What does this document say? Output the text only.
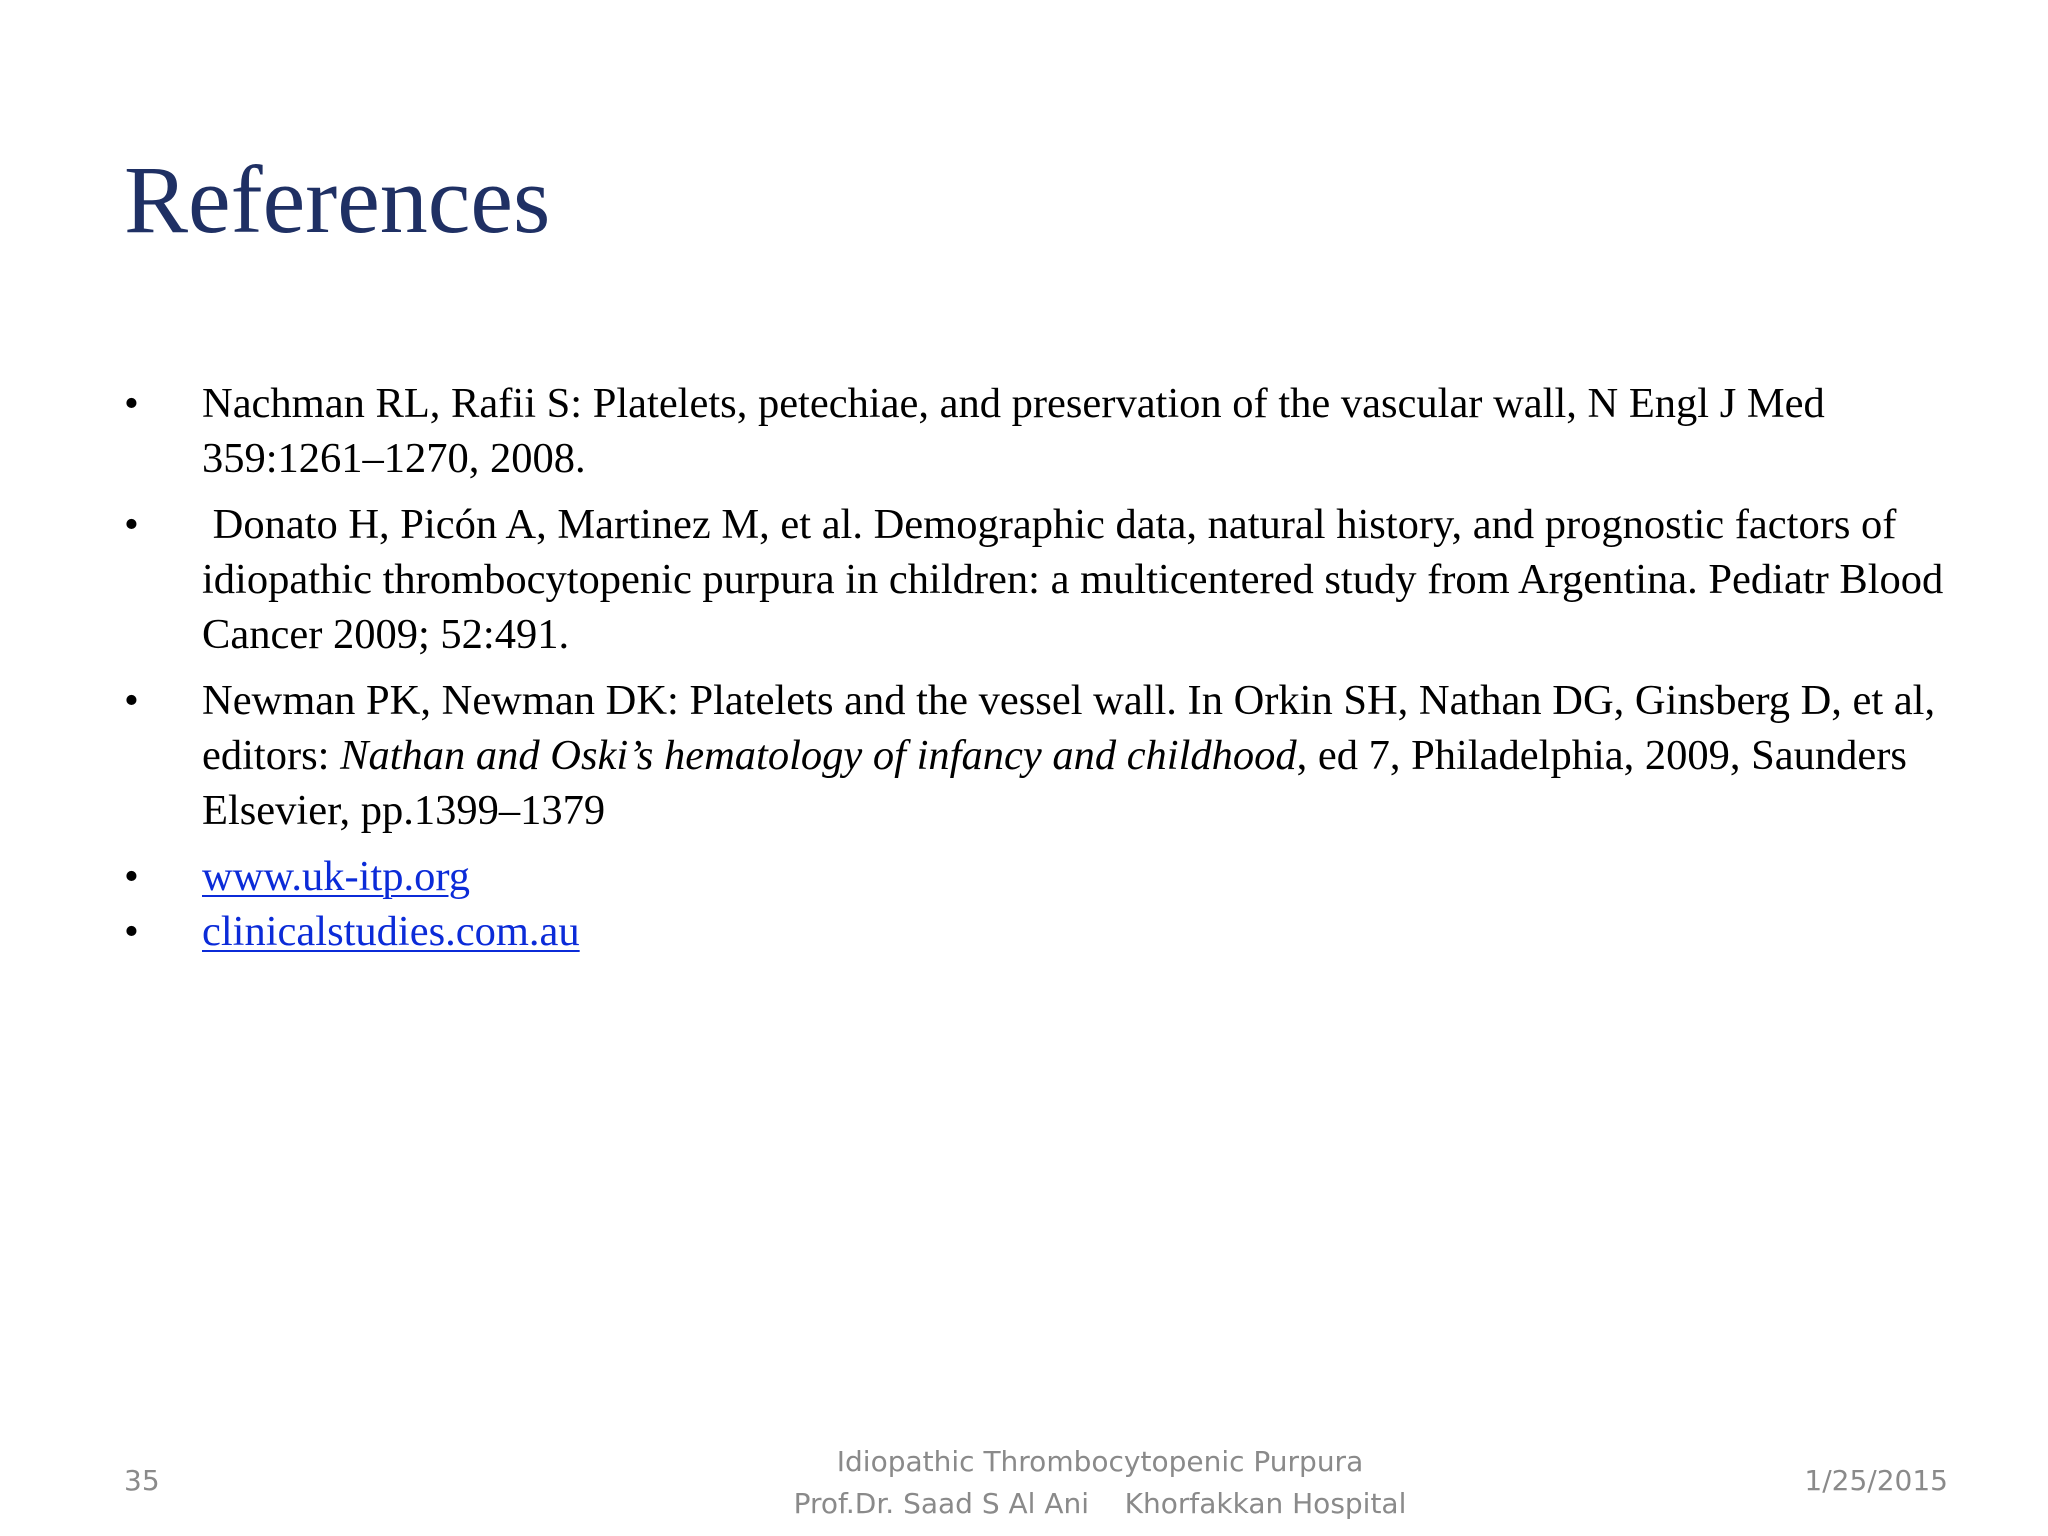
References
• Nachman RL, Rafii S: Platelets, petechiae, and preservation of the vascular wall, N Engl J Med 359:1261–1270, 2008.
• Donato H, Picón A, Martinez M, et al. Demographic data, natural history, and prognostic factors of idiopathic thrombocytopenic purpura in children: a multicentered study from Argentina. Pediatr Blood Cancer 2009; 52:491.
• Newman PK, Newman DK: Platelets and the vessel wall. In Orkin SH, Nathan DG, Ginsberg D, et al, editors: Nathan and Oski’s hematology of infancy and childhood, ed 7, Philadelphia, 2009, Saunders Elsevier, pp.1399–1379
• www.uk-itp.org
• clinicalstudies.com.au
35
Idiopathic Thrombocytopenic Purpura
Prof.Dr. Saad S Al Ani    Khorfakkan Hospital
1/25/2015
